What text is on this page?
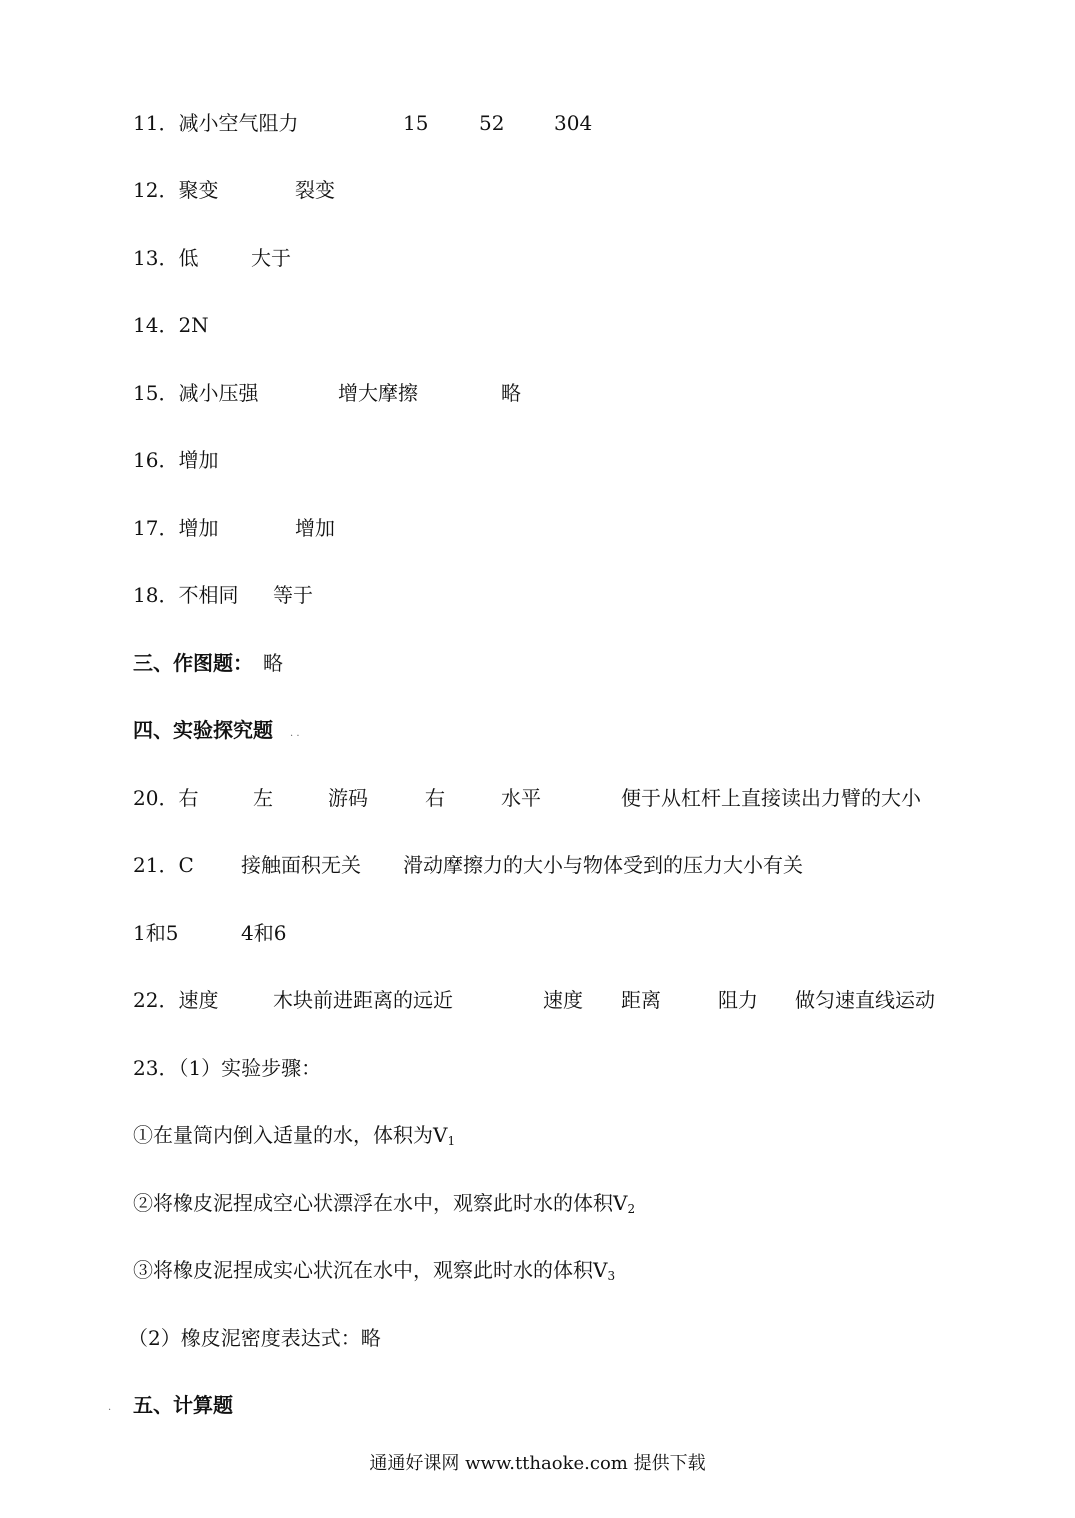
11．减小空气阻力	15	52 304
12．聚变	裂变
13．低	大于
14．2N
15．减小压强	增大摩擦	略
16．增加
17．增加	增加
18．不相同 等于
三、作图题： 略
四、实验探究题 . .
20．右	左	游码	右	水平	便于从杠杆上直接读出力臂的大小
21．C 接触面积无关 滑动摩擦力的大小与物体受到的压力大小有关
1和5	4和6
22．速度	木块前进距离的远近	速度 距离	阻力 做匀速直线运动
23．（1）实验步骤：
①在量筒内倒入适量的水，体积为$V_1$
②将橡皮泥捏成空心状漂浮在水中，观察此时水的体积$V_2$
③将橡皮泥捏成实心状沉在水中，观察此时水的体积$V_3$
（2）橡皮泥密度表达式：略
五、计算题
.
通通好课网 www.tthaoke.com 提供下载
